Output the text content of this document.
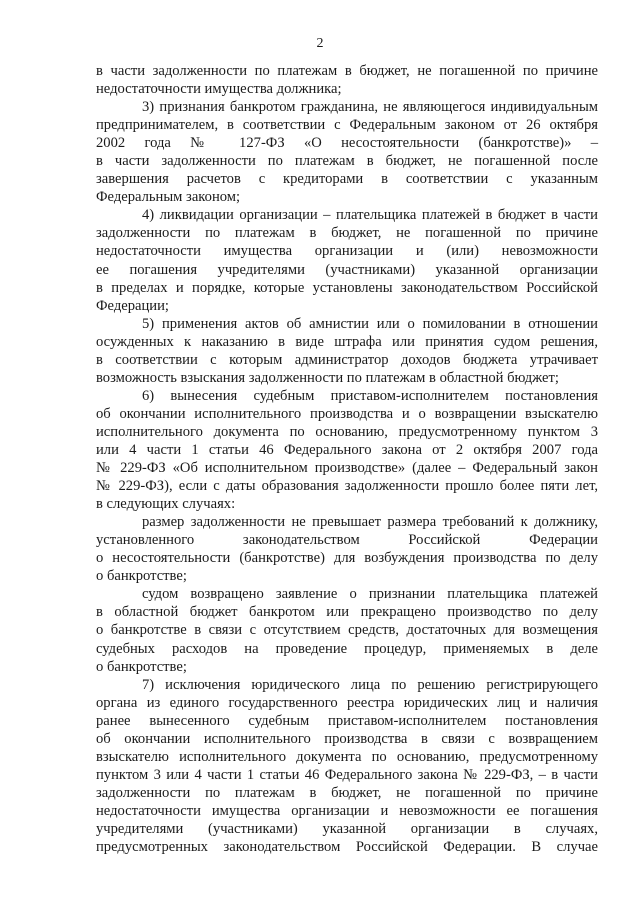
2
в части задолженности по платежам в бюджет, не погашенной по причине
недостаточности имущества должника;
3) признания банкротом гражданина, не являющегося индивидуальным
предпринимателем, в соответствии с Федеральным законом от 26 октября
2002 года № 127-ФЗ «О несостоятельности (банкротстве)» –
в части задолженности по платежам в бюджет, не погашенной после
завершения расчетов с кредиторами в соответствии с указанным
Федеральным законом;
4) ликвидации организации – плательщика платежей в бюджет в части
задолженности по платежам в бюджет, не погашенной по причине
недостаточности имущества организации и (или) невозможности
ее погашения учредителями (участниками) указанной организации
в пределах и порядке, которые установлены законодательством Российской
Федерации;
5) применения актов об амнистии или о помиловании в отношении
осужденных к наказанию в виде штрафа или принятия судом решения,
в соответствии с которым администратор доходов бюджета утрачивает
возможность взыскания задолженности по платежам в областной бюджет;
6) вынесения судебным приставом-исполнителем постановления
об окончании исполнительного производства и о возвращении взыскателю
исполнительного документа по основанию, предусмотренному пунктом 3
или 4 части 1 статьи 46 Федерального закона от 2 октября 2007 года
№ 229-ФЗ «Об исполнительном производстве» (далее – Федеральный закон
№ 229-ФЗ), если с даты образования задолженности прошло более пяти лет,
в следующих случаях:
размер задолженности не превышает размера требований к должнику,
установленного законодательством Российской Федерации
о несостоятельности (банкротстве) для возбуждения производства по делу
о банкротстве;
судом возвращено заявление о признании плательщика платежей
в областной бюджет банкротом или прекращено производство по делу
о банкротстве в связи с отсутствием средств, достаточных для возмещения
судебных расходов на проведение процедур, применяемых в деле
о банкротстве;
7) исключения юридического лица по решению регистрирующего
органа из единого государственного реестра юридических лиц и наличия
ранее вынесенного судебным приставом-исполнителем постановления
об окончании исполнительного производства в связи с возвращением
взыскателю исполнительного документа по основанию, предусмотренному
пунктом 3 или 4 части 1 статьи 46 Федерального закона № 229-ФЗ, – в части
задолженности по платежам в бюджет, не погашенной по причине
недостаточности имущества организации и невозможности ее погашения
учредителями (участниками) указанной организации в случаях,
предусмотренных законодательством Российской Федерации. В случае
